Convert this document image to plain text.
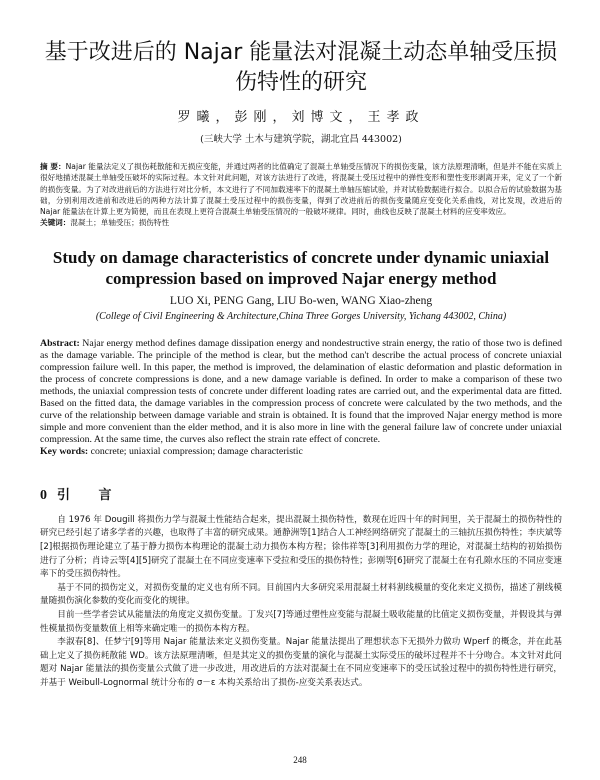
基于改进后的 Najar 能量法对混凝土动态单轴受压损伤特性的研究
罗曦，彭刚，刘博文，王孝政
(三峡大学 土木与建筑学院，湖北宜昌 443002)
摘 要：Najar 能量法定义了损伤耗散能和无损应变能，并通过两者的比值确定了混凝土单轴受压情况下的损伤变量，该方法原理清晰，但是并不能在实质上很好地描述混凝土单轴受压破坏的实际过程。本文针对此问题，对该方法进行了改进，将混凝土受压过程中的弹性变形和塑性变形剥离开来，定义了一个新的损伤变量。为了对改进前后的方法进行对比分析，本文进行了不同加载速率下的混凝土单轴压缩试验，并对试验数据进行拟合。以拟合后的试验数据为基础，分别利用改进前和改进后的两种方法计算了混凝土受压过程中的损伤变量，得到了改进前后的损伤变量随应变变化关系曲线，对比发现，改进后的 Najar 能量法在计算上更为简便，而且在表现上更符合混凝土单轴受压情况的一般破坏规律。同时，曲线也反映了混凝土材料的应变率效应。
关键词：混凝土；单轴受压；损伤特性
Study on damage characteristics of concrete under dynamic uniaxial compression based on improved Najar energy method
LUO Xi, PENG Gang, LIU Bo-wen, WANG Xiao-zheng
(College of Civil Engineering & Architecture,China Three Gorges University, Yichang 443002, China)
Abstract: Najar energy method defines damage dissipation energy and nondestructive strain energy, the ratio of those two is defined as the damage variable. The principle of the method is clear, but the method can't describe the actual process of concrete uniaxial compression failure well. In this paper, the method is improved, the delamination of elastic deformation and plastic deformation in the process of concrete compressions is done, and a new damage variable is defined. In order to make a comparison of these two methods, the uniaxial compression tests of concrete under different loading rates are carried out, and the experimental data are fitted. Based on the fitted data, the damage variables in the compression process of concrete were calculated by the two methods, and the curve of the relationship between damage variable and strain is obtained. It is found that the improved Najar energy method is more simple and more convenient than the elder method, and it is also more in line with the general failure law of concrete under uniaxial compression. At the same time, the curves also reflect the strain rate effect of concrete.
Key words: concrete; uniaxial compression; damage characteristic
0 引 言

自 1976 年 Dougill 将损伤力学与混凝土性能结合起来，提出混凝土损伤特性，数现在近四十年的时间里，关于混凝土的损伤特性的研究已经引起了诸多学者的兴趣，也取得了丰富的研究成果。通静洲等[1]结合人工神经网络研究了混凝土的三轴抗压损伤特性；李庆斌等[2]根据损伤理论建立了基于静力损伤本构理论的混凝土动力损伤本构方程；徐伟祥等[3]利用损伤力学的理论，对混凝土结构的初始损伤进行了分析；肖诗云等[4][5]研究了混凝土在不同应变速率下受拉和受压的损伤特性；彭刚等[6]研究了混凝土在有孔隙水压的不同应变速率下的受压损伤特性。

基于不同的损伤定义，对损伤变量的定义也有所不同。目前国内大多研究采用混凝土材料割线模量的变化来定义损伤，描述了割线模量随损伤演化参数的变化而变化的规律。

目前一些学者尝试从能量法的角度定义损伤变量。丁发兴[7]等通过塑性应变能与混凝土吸收能量的比值定义损伤变量，并假设其与弹性模量损伤变量数值上相等来确定唯一的损伤本构方程。

李淑春[8]、任梦宁[9]等用 Najar 能量法来定义损伤变量。Najar 能量法提出了理想状态下无损外力做功 Wperf 的概念，并在此基础上定义了损伤耗散能 WD。该方法原理清晰，但是其定义的损伤变量的演化与混凝土实际受压的破坏过程并不十分吻合。本文针对此问题对 Najar 能量法的损伤变量公式做了进一步改进，用改进后的方法对混凝土在不同应变速率下的受压试验过程中的损伤特性进行研究，并基于 Weibull-Lognormal 统计分布的 σ－ε 本构关系给出了损伤-应变关系表达式。

248
